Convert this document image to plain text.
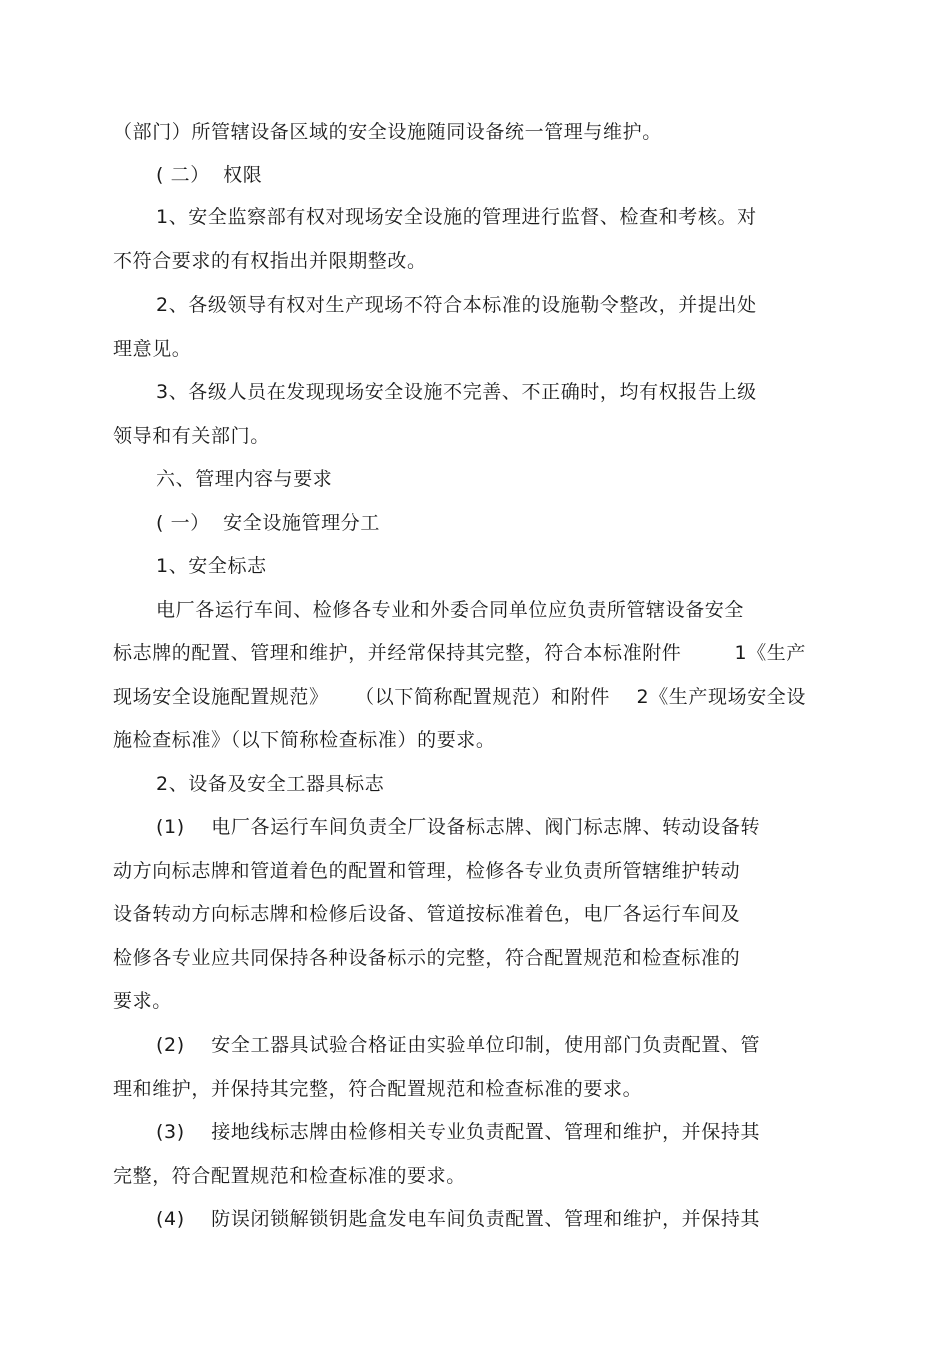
（部门）所管辖设备区域的安全设施随同设备统一管理与维护。
( 二）  权限
1、安全监察部有权对现场安全设施的管理进行监督、检查和考核。对
不符合要求的有权指出并限期整改。
2、各级领导有权对生产现场不符合本标准的设施勒令整改，并提出处
理意见。
3、各级人员在发现现场安全设施不完善、不正确时，均有权报告上级
领导和有关部门。
六、管理内容与要求
( 一）  安全设施管理分工
1、安全标志
电厂各运行车间、检修各专业和外委合同单位应负责所管辖设备安全
标志牌的配置、管理和维护，并经常保持其完整，符合本标准附件        1《生产
现场安全设施配置规范》    （以下简称配置规范）和附件    2《生产现场安全设
施检查标准》（以下简称检查标准）的要求。
2、设备及安全工器具标志
(1)    电厂各运行车间负责全厂设备标志牌、阀门标志牌、转动设备转
动方向标志牌和管道着色的配置和管理，检修各专业负责所管辖维护转动
设备转动方向标志牌和检修后设备、管道按标准着色，电厂各运行车间及
检修各专业应共同保持各种设备标示的完整，符合配置规范和检查标准的
要求。
(2)    安全工器具试验合格证由实验单位印制，使用部门负责配置、管
理和维护，并保持其完整，符合配置规范和检查标准的要求。
(3)    接地线标志牌由检修相关专业负责配置、管理和维护，并保持其
完整，符合配置规范和检查标准的要求。
(4)    防误闭锁解锁钥匙盒发电车间负责配置、管理和维护，并保持其
